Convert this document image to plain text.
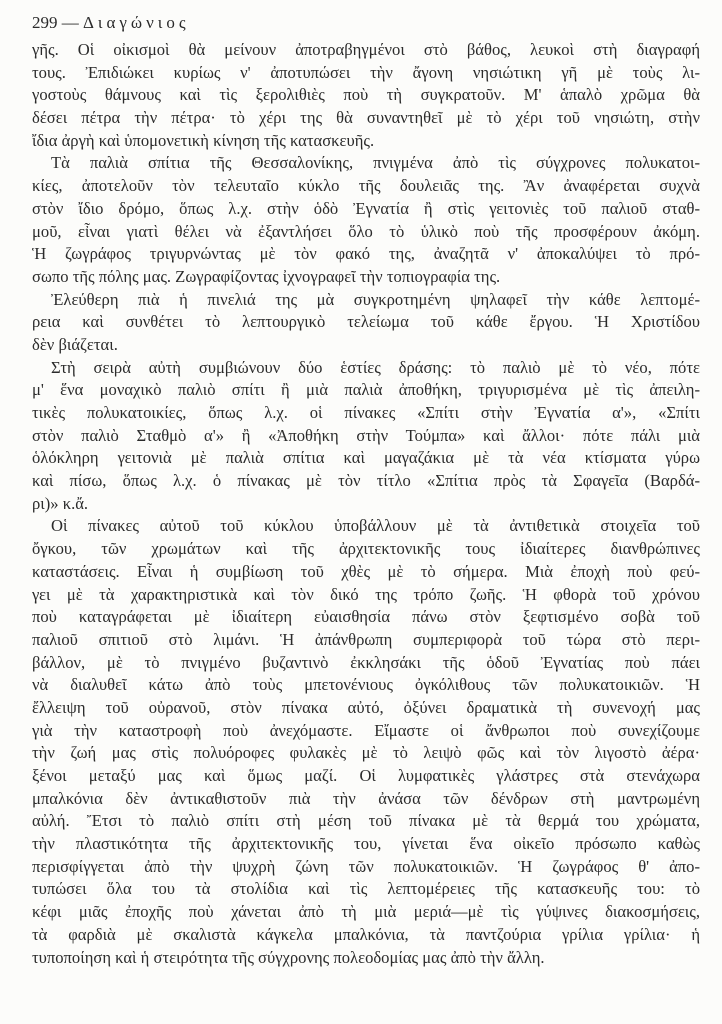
299 — Διαγώνιος
γῆς. Οἱ οἰκισμοὶ θὰ μείνουν ἀποτραβηγμένοι στὸ βάθος, λευκοὶ στὴ διαγραφή
τους. Ἐπιδιώκει κυρίως ν' ἀποτυπώσει τὴν ἄγονη νησιώτικη γῆ μὲ τοὺς λι-
γοστοὺς θάμνους καὶ τὶς ξερολιθιὲς ποὺ τὴ συγκρατοῦν. Μ' ἁπαλὸ χρῶμα θὰ
δέσει πέτρα τὴν πέτρα· τὸ χέρι της θὰ συναντηθεῖ μὲ τὸ χέρι τοῦ νησιώτη, στὴν
ἴδια ἀργὴ καὶ ὑπομονετικὴ κίνηση τῆς κατασκευῆς.
Τὰ παλιὰ σπίτια τῆς Θεσσαλονίκης, πνιγμένα ἀπὸ τὶς σύγχρονες πολυκατοι-
κίες, ἀποτελοῦν τὸν τελευταῖο κύκλο τῆς δουλειᾶς της. Ἂν ἀναφέρεται συχνὰ
στὸν ἴδιο δρόμο, ὅπως λ.χ. στὴν ὁδὸ Ἐγνατία ἢ στὶς γειτονιὲς τοῦ παλιοῦ σταθ-
μοῦ, εἶναι γιατὶ θέλει νὰ ἐξαντλήσει ὅλο τὸ ὑλικὸ ποὺ τῆς προσφέρουν ἀκόμη.
Ἡ ζωγράφος τριγυρνώντας μὲ τὸν φακό της, ἀναζητᾶ ν' ἀποκαλύψει τὸ πρό-
σωπο τῆς πόλης μας. Ζωγραφίζοντας ἰχνογραφεῖ τὴν τοπιογραφία της.
Ἐλεύθερη πιὰ ἡ πινελιά της μὰ συγκροτημένη ψηλαφεῖ τὴν κάθε λεπτομέ-
ρεια καὶ συνθέτει τὸ λεπτουργικὸ τελείωμα τοῦ κάθε ἔργου. Ἡ Χριστίδου
δὲν βιάζεται.
Στὴ σειρὰ αὐτὴ συμβιώνουν δύο ἑστίες δράσης: τὸ παλιὸ μὲ τὸ νέο, πότε
μ' ἕνα μοναχικὸ παλιὸ σπίτι ἢ μιὰ παλιὰ ἀποθήκη, τριγυρισμένα μὲ τὶς ἀπειλη-
τικὲς πολυκατοικίες, ὅπως λ.χ. οἱ πίνακες «Σπίτι στὴν Ἐγνατία α'», «Σπίτι
στὸν παλιὸ Σταθμὸ α'» ἢ «Ἀποθήκη στὴν Τούμπα» καὶ ἄλλοι· πότε πάλι μιὰ
ὁλόκληρη γειτονιὰ μὲ παλιὰ σπίτια καὶ μαγαζάκια μὲ τὰ νέα κτίσματα γύρω
καὶ πίσω, ὅπως λ.χ. ὁ πίνακας μὲ τὸν τίτλο «Σπίτια πρὸς τὰ Σφαγεῖα (Βαρδά-
ρι)» κ.ἄ.
Οἱ πίνακες αὐτοῦ τοῦ κύκλου ὑποβάλλουν μὲ τὰ ἀντιθετικὰ στοιχεῖα τοῦ
ὄγκου, τῶν χρωμάτων καὶ τῆς ἀρχιτεκτονικῆς τους ἰδιαίτερες διανθρώπινες
καταστάσεις. Εἶναι ἡ συμβίωση τοῦ χθὲς μὲ τὸ σήμερα. Μιὰ ἐποχὴ ποὺ φεύ-
γει μὲ τὰ χαρακτηριστικὰ καὶ τὸν δικό της τρόπο ζωῆς. Ἡ φθορὰ τοῦ χρόνου
ποὺ καταγράφεται μὲ ἰδιαίτερη εὐαισθησία πάνω στὸν ξεφτισμένο σοβὰ τοῦ
παλιοῦ σπιτιοῦ στὸ λιμάνι. Ἡ ἀπάνθρωπη συμπεριφορὰ τοῦ τώρα στὸ περι-
βάλλον, μὲ τὸ πνιγμένο βυζαντινὸ ἐκκλησάκι τῆς ὁδοῦ Ἐγνατίας ποὺ πάει
νὰ διαλυθεῖ κάτω ἀπὸ τοὺς μπετονένιους ὀγκόλιθους τῶν πολυκατοικιῶν. Ἡ
ἔλλειψη τοῦ οὐρανοῦ, στὸν πίνακα αὐτό, ὀξύνει δραματικὰ τὴ συνενοχή μας
γιὰ τὴν καταστροφὴ ποὺ ἀνεχόμαστε. Εἴμαστε οἱ ἄνθρωποι ποὺ συνεχίζουμε
τὴν ζωή μας στὶς πολυόροφες φυλακὲς μὲ τὸ λειψὸ φῶς καὶ τὸν λιγοστὸ ἀέρα·
ξένοι μεταξύ μας καὶ ὅμως μαζί. Οἱ λυμφατικὲς γλάστρες στὰ στενάχωρα
μπαλκόνια δὲν ἀντικαθιστοῦν πιὰ τὴν ἀνάσα τῶν δένδρων στὴ μαντρωμένη
αὐλή. Ἔτσι τὸ παλιὸ σπίτι στὴ μέση τοῦ πίνακα μὲ τὰ θερμά του χρώματα,
τὴν πλαστικότητα τῆς ἀρχιτεκτονικῆς του, γίνεται ἕνα οἰκεῖο πρόσωπο καθὼς
περισφίγγεται ἀπὸ τὴν ψυχρὴ ζώνη τῶν πολυκατοικιῶν. Ἡ ζωγράφος θ' ἀπο-
τυπώσει ὅλα του τὰ στολίδια καὶ τὶς λεπτομέρειες τῆς κατασκευῆς του: τὸ
κέφι μιᾶς ἐποχῆς ποὺ χάνεται ἀπὸ τὴ μιὰ μεριά—μὲ τὶς γύψινες διακοσμήσεις,
τὰ φαρδιὰ μὲ σκαλιστὰ κάγκελα μπαλκόνια, τὰ παντζούρια γρίλια γρίλια· ἡ
τυποποίηση καὶ ἡ στειρότητα τῆς σύγχρονης πολεοδομίας μας ἀπὸ τὴν ἄλλη.
